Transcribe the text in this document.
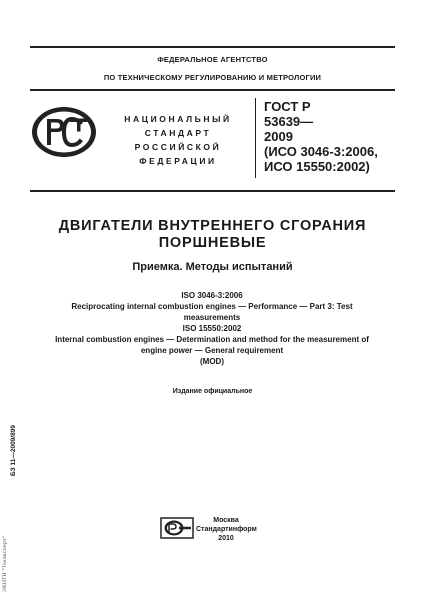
ФЕДЕРАЛЬНОЕ АГЕНТСТВО
ПО ТЕХНИЧЕСКОМУ РЕГУЛИРОВАНИЮ И МЕТРОЛОГИИ
НАЦИОНАЛЬНЫЙ
СТАНДАРТ
РОССИЙСКОЙ
ФЕДЕРАЦИИ
ГОСТ Р
53639—
2009
(ИСО 3046-3:2006,
ИСО 15550:2002)
ДВИГАТЕЛИ ВНУТРЕННЕГО СГОРАНИЯ
ПОРШНЕВЫЕ
Приемка. Методы испытаний
ISO 3046-3:2006
Reciprocating internal combustion engines — Performance — Part 3: Test
measurements
ISO 15550:2002
Internal combustion engines — Determination and method for the measurement of
engine power — General requirement
(MOD)
Издание официальное
БЗ 11—2009/899
ЭКНТИ "Техэксперт"
Москва
Стандартинформ
2010
